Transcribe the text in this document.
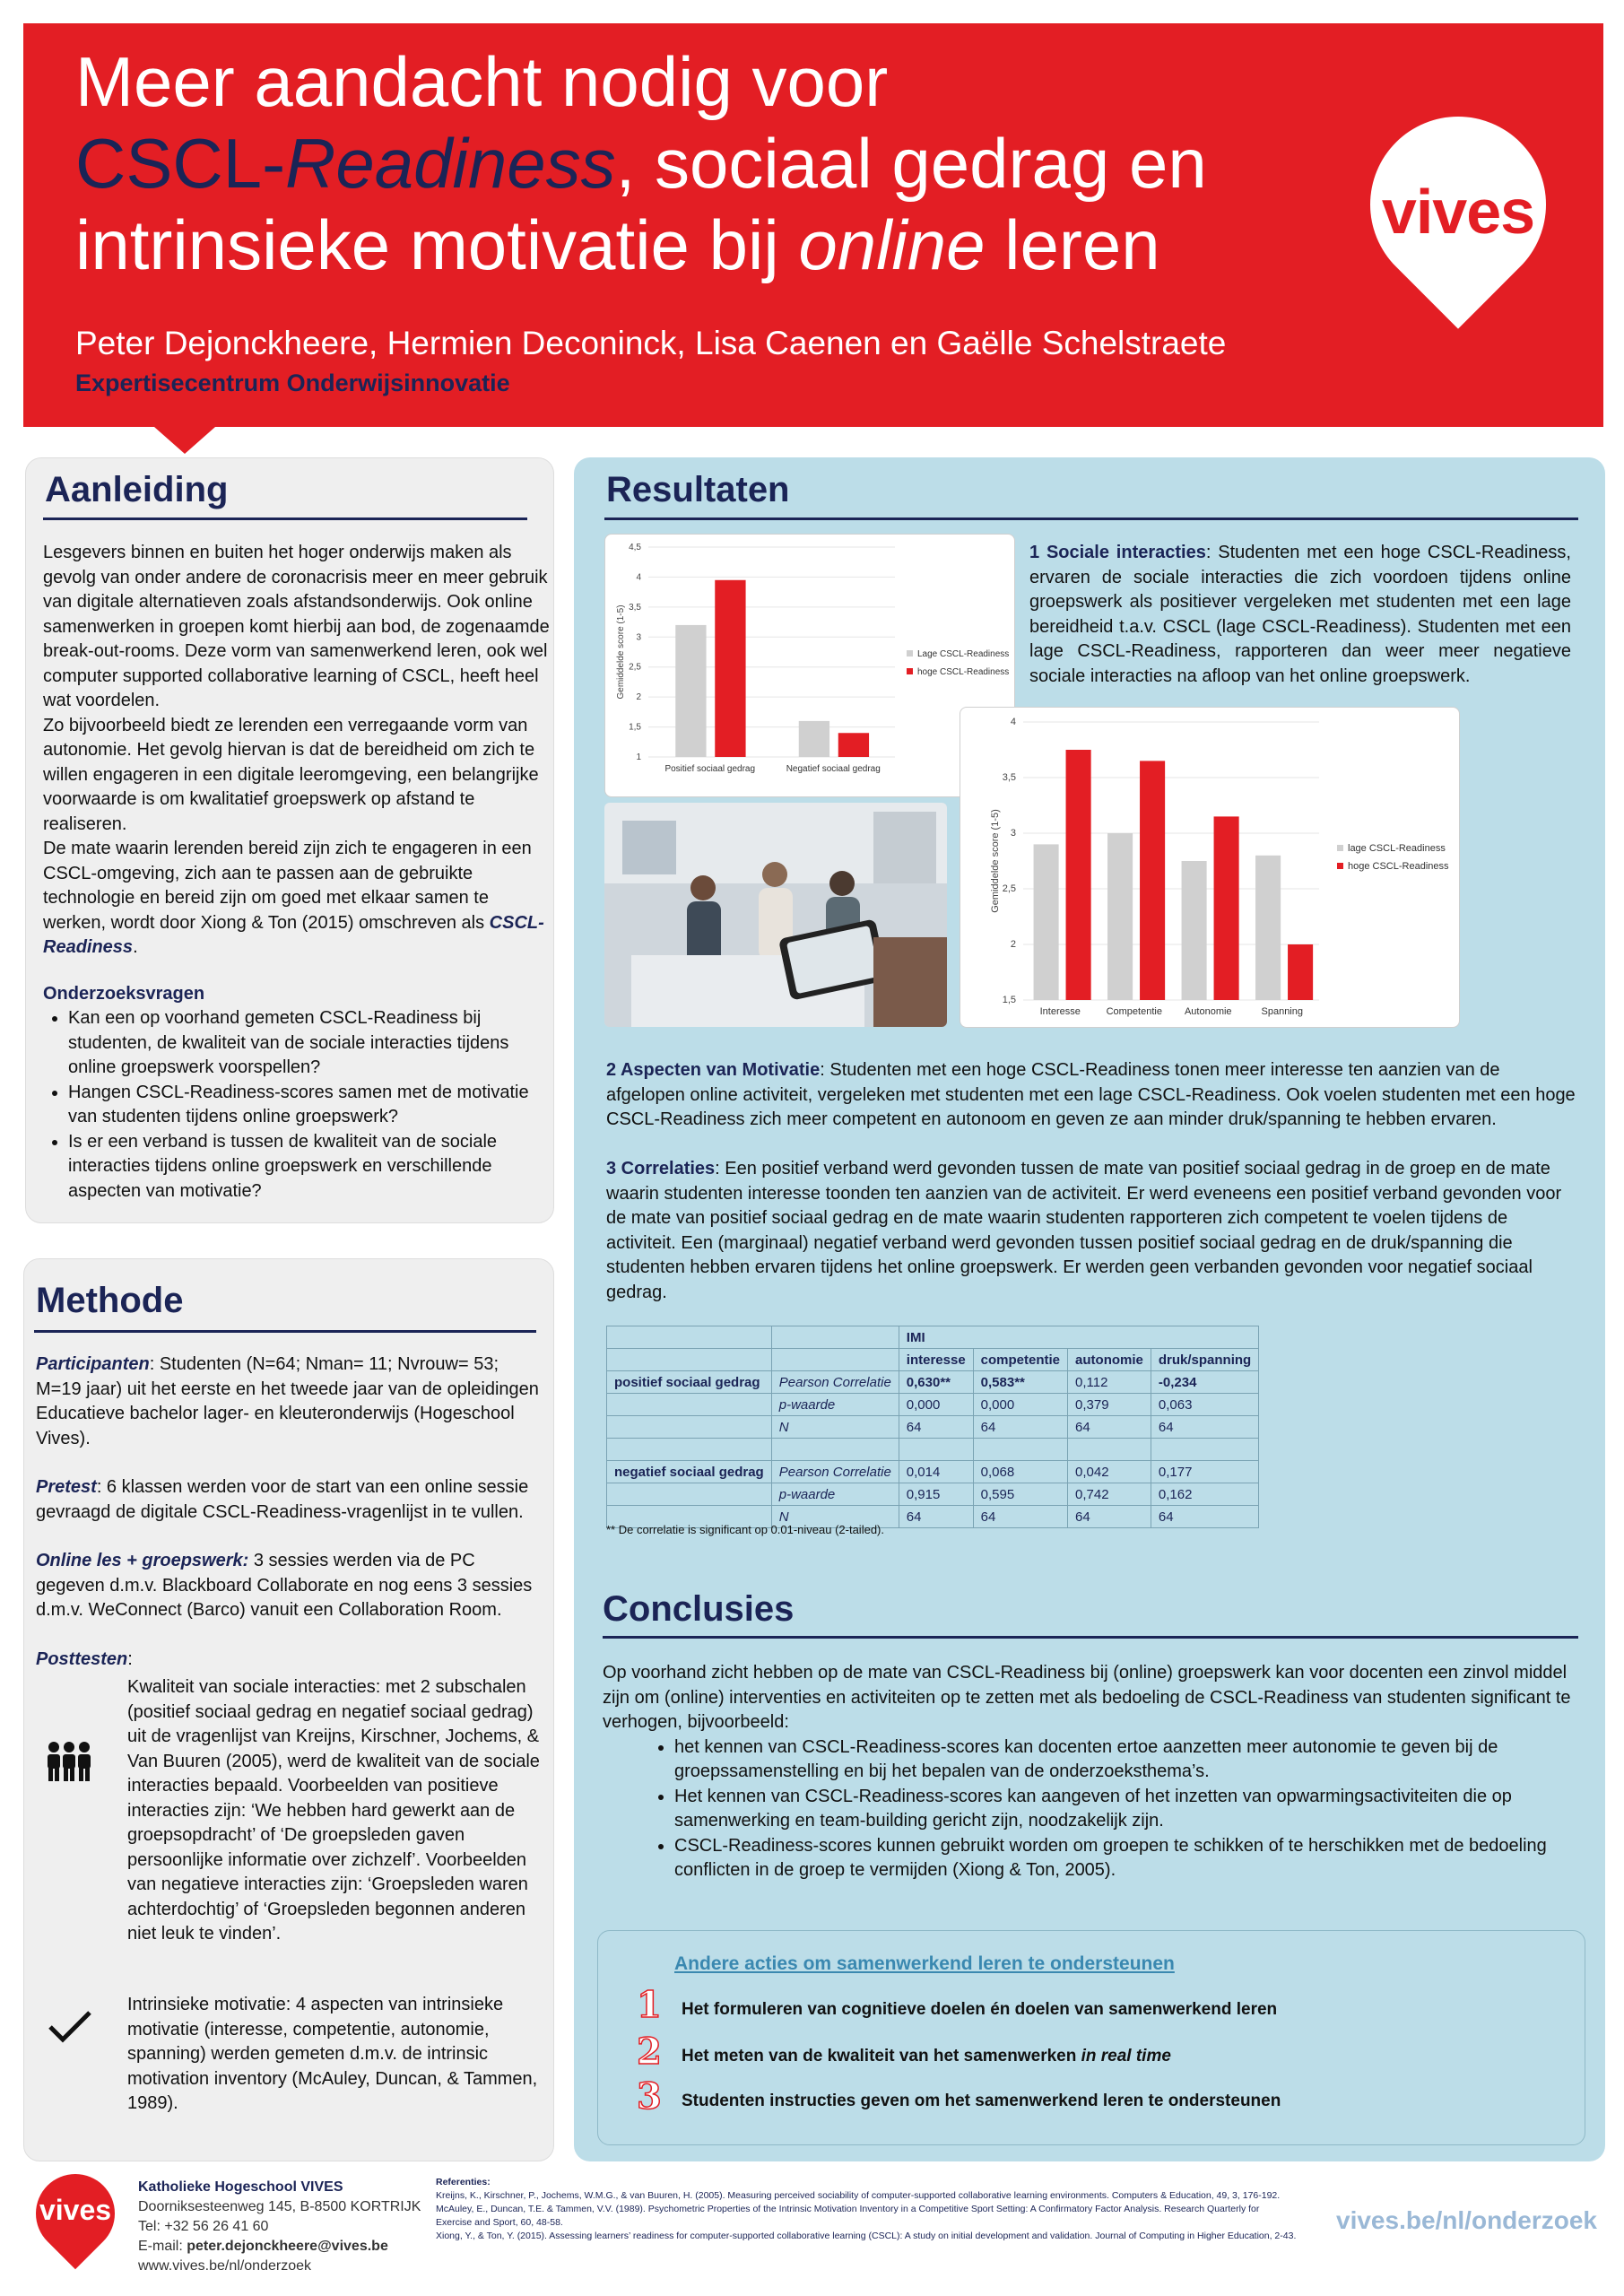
Meer aandacht nodig voor
CSCL-Readiness, sociaal gedrag en
intrinsieke motivatie bij online leren
Peter Dejonckheere, Hermien Deconinck, Lisa Caenen en Gaëlle Schelstraete
Expertisecentrum Onderwijsinnovatie
vives
Aanleiding

Lesgevers binnen en buiten het hoger onderwijs maken als gevolg van onder andere de coronacrisis meer en meer gebruik van digitale alternatieven zoals afstandsonderwijs. Ook online samenwerken in groepen komt hierbij aan bod, de zogenaamde break-out-rooms. Deze vorm van samenwerkend leren, ook wel computer supported collaborative learning of CSCL, heeft heel wat voordelen.

Zo bijvoorbeeld biedt ze lerenden een verregaande vorm van autonomie. Het gevolg hiervan is dat de bereidheid om zich te willen engageren in een digitale leeromgeving, een belangrijke voorwaarde is om kwalitatief groepswerk op afstand te realiseren.

De mate waarin lerenden bereid zijn zich te engageren in een CSCL-omgeving, zich aan te passen aan de gebruikte technologie en bereid zijn om goed met elkaar samen te werken, wordt door Xiong & Ton (2015) omschreven als CSCL-Readiness.

Onderzoeksvragen

• Kan een op voorhand gemeten CSCL-Readiness bij studenten, de kwaliteit van de sociale interacties tijdens online groepswerk voorspellen?
• Hangen CSCL-Readiness-scores samen met de motivatie van studenten tijdens online groepswerk?
• Is er een verband is tussen de kwaliteit van de sociale interacties tijdens online groepswerk en verschillende aspecten van motivatie?
Methode

Participanten: Studenten (N=64; Nman= 11; Nvrouw= 53; M=19 jaar) uit het eerste en het tweede jaar van de opleidingen Educatieve bachelor lager- en kleuteronderwijs (Hogeschool Vives).

Pretest: 6 klassen werden voor de start van een online sessie gevraagd de digitale CSCL-Readiness-vragenlijst in te vullen.

Online les + groepswerk: 3 sessies werden via de PC gegeven d.m.v. Blackboard Collaborate en nog eens 3 sessies d.m.v. WeConnect (Barco) vanuit een Collaboration Room.

Posttesten:

Kwaliteit van sociale interacties: met 2 subschalen (positief sociaal gedrag en negatief sociaal gedrag) uit de vragenlijst van Kreijns, Kirschner, Jochems, & Van Buuren (2005), werd de kwaliteit van de sociale interacties bepaald. Voorbeelden van positieve interacties zijn: ‘We hebben hard gewerkt aan de groepsopdracht’ of ‘De groepsleden gaven persoonlijke informatie over zichzelf’. Voorbeelden van negatieve interacties zijn: ‘Groepsleden waren achterdochtig’ of ‘Groepsleden begonnen anderen niet leuk te vinden’.
Intrinsieke motivatie: 4 aspecten van intrinsieke motivatie (interesse, competentie, autonomie, spanning) werden gemeten d.m.v. de intrinsic motivation inventory (McAuley, Duncan, & Tammen, 1989).
Resultaten
1
1,5
2
2,5
3
3,5
4
4,5
Gemiddelde score (1-5)
Positief sociaal gedrag	Negatief sociaal gedrag
Lage CSCL-Readiness
hoge CSCL-Readiness
1,5
2
2,5
3
3,5
4
Gemiddelde score (1-5)
Interesse	Competentie Autonomie	Spanning
lage CSCL-Readiness
hoge CSCL-Readiness
1 Sociale interacties: Studenten met een hoge CSCL-Readiness, ervaren de sociale interacties die zich voordoen tijdens online groepswerk als positiever vergeleken met studenten met een lage bereidheid t.a.v. CSCL (lage CSCL-Readiness). Studenten met een lage CSCL-Readiness, rapporteren dan weer meer negatieve sociale interacties na afloop van het online groepswerk.
2 Aspecten van Motivatie: Studenten met een hoge CSCL-Readiness tonen meer interesse ten aanzien van de afgelopen online activiteit, vergeleken met studenten met een lage CSCL-Readiness. Ook voelen studenten met een hoge CSCL-Readiness zich meer competent en autonoom en geven ze aan minder druk/spanning te hebben ervaren.
3 Correlaties: Een positief verband werd gevonden tussen de mate van positief sociaal gedrag in de groep en de mate waarin studenten interesse toonden ten aanzien van de activiteit. Er werd eveneens een positief verband gevonden voor de mate van positief sociaal gedrag en de mate waarin studenten rapporteren zich competent te voelen tijdens de activiteit. Een (marginaal) negatief verband werd gevonden tussen positief sociaal gedrag en de druk/spanning die studenten hebben ervaren tijdens het online groepswerk. Er werden geen verbanden gevonden voor negatief sociaal gedrag.
		IMI			
		interesse	competentie	autonomie	druk/spanning
positief sociaal gedrag	Pearson Correlatie	0,630**	0,583**	0,112	-0,234
	p-waarde	0,000	0,000	0,379	0,063
	N	64	64	64	64

negatief sociaal gedrag	Pearson Correlatie	0,014	0,068	0,042	0,177
	p-waarde	0,915	0,595	0,742	0,162
	N	64	64	64	64
** De correlatie is significant op 0.01-niveau (2-tailed).
Conclusies

Op voorhand zicht hebben op de mate van CSCL-Readiness bij (online) groepswerk kan voor docenten een zinvol middel zijn om (online) interventies en activiteiten op te zetten met als bedoeling de CSCL-Readiness van studenten significant te verhogen, bijvoorbeeld:

• het kennen van CSCL-Readiness-scores kan docenten ertoe aanzetten meer autonomie te geven bij de groepssamenstelling en bij het bepalen van de onderzoeksthema’s.
• Het kennen van CSCL-Readiness-scores kan aangeven of het inzetten van opwarmingsactiviteiten die op samenwerking en team-building gericht zijn, noodzakelijk zijn.
• CSCL-Readiness-scores kunnen gebruikt worden om groepen te schikken of te herschikken met de bedoeling conflicten in de groep te vermijden (Xiong & Ton, 2005).
Andere acties om samenwerkend leren te ondersteunen
1 Het formuleren van cognitieve doelen én doelen van samenwerkend leren
2 Het meten van de kwaliteit van het samenwerken in real time
3 Studenten instructies geven om het samenwerkend leren te ondersteunen
vives
Katholieke Hogeschool VIVES
Doorniksesteenweg 145, B-8500 KORTRIJK
Tel: +32 56 26 41 60
E-mail: peter.dejonckheere@vives.be
www.vives.be/nl/onderzoek
Referenties:
Kreijns, K., Kirschner, P., Jochems, W.M.G., & van Buuren, H. (2005). Measuring perceived sociability of computer-supported collaborative learning environments. Computers & Education, 49, 3, 176-192.
McAuley, E., Duncan, T.E. & Tammen, V.V. (1989). Psychometric Properties of the Intrinsic Motivation Inventory in a Competitive Sport Setting: A Confirmatory Factor Analysis. Research Quarterly for Exercise and Sport, 60, 48-58.
Xiong, Y., & Ton, Y. (2015). Assessing learners’ readiness for computer-supported collaborative learning (CSCL): A study on initial development and validation. Journal of Computing in Higher Education, 2-43.
vives.be/nl/onderzoek
